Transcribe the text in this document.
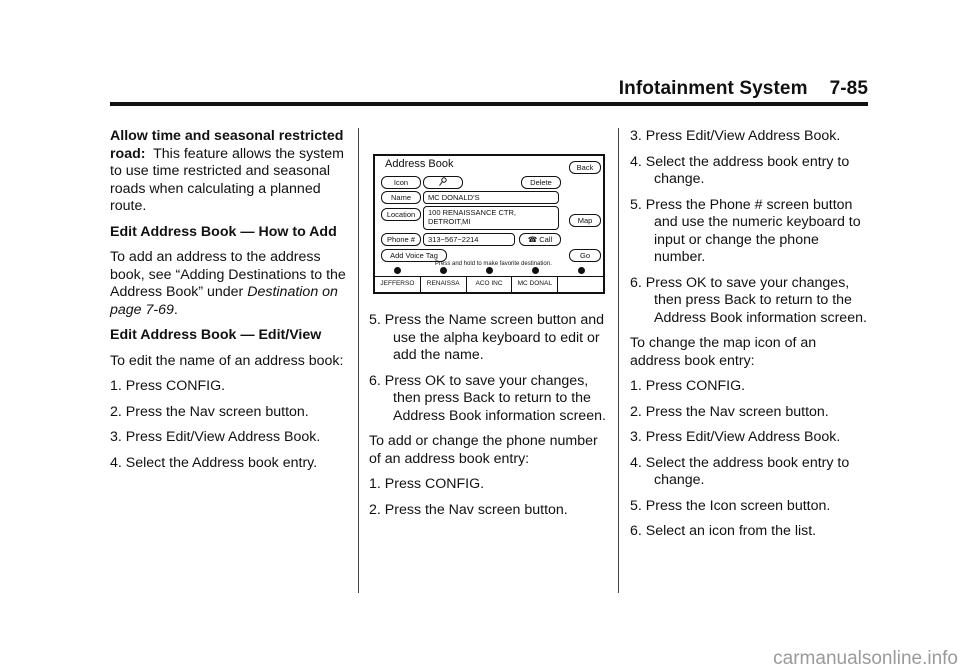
Infotainment System 7-85

Allow time and seasonal restricted road: This feature allows the system to use time restricted and seasonal roads when calculating a planned route.

Edit Address Book — How to Add

To add an address to the address book, see “Adding Destinations to the Address Book” under Destination on page 7-69.

Edit Address Book — Edit/View

To edit the name of an address book:

1. Press CONFIG.

2. Press the Nav screen button.

3. Press Edit/View Address Book.

4. Select the Address book entry.

Address Book	Back
Icon	Delete
Name	MC DONALD’S
Location	100 RENAISSANCE CTR,
DETROIT,MI	Map
Phone #	313−567−2214	☎ Call
Add Voice Tag	Go
Press and hold to make favorite destination.
JEFFERSO	RENAISSA	ACO INC	MC DONAL

5. Press the Name screen button and use the alpha keyboard to edit or add the name.

6. Press OK to save your changes, then press Back to return to the Address Book information screen.

To add or change the phone number of an address book entry:

1. Press CONFIG.

2. Press the Nav screen button.

3. Press Edit/View Address Book.

4. Select the address book entry to change.

5. Press the Phone # screen button and use the numeric keyboard to input or change the phone number.

6. Press OK to save your changes, then press Back to return to the Address Book information screen.

To change the map icon of an address book entry:

1. Press CONFIG.

2. Press the Nav screen button.

3. Press Edit/View Address Book.

4. Select the address book entry to change.

5. Press the Icon screen button.

6. Select an icon from the list.

carmanualsonline.info
